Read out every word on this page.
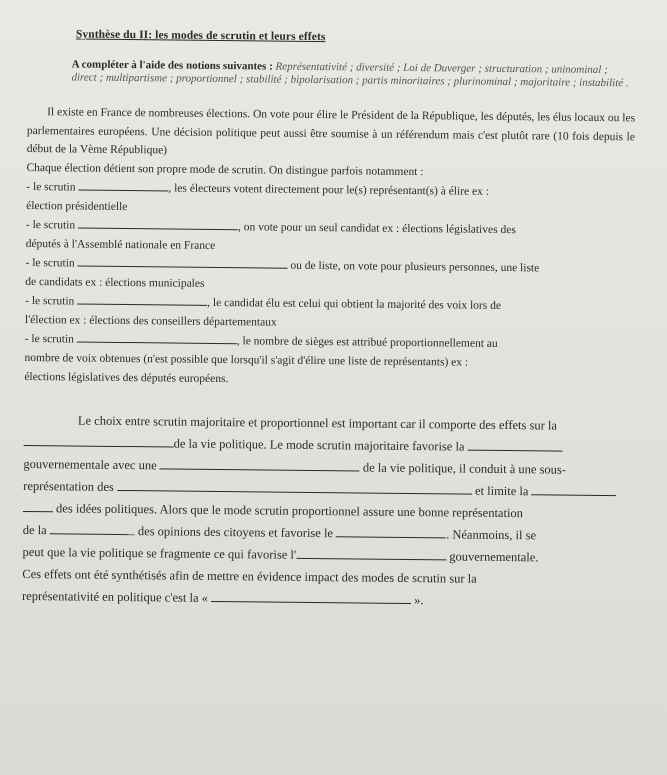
Synthèse du II: les modes de scrutin et leurs effets
A compléter à l'aide des notions suivantes : Représentativité ; diversité ; Loi de Duverger ; structuration ; uninominal ; direct ; multipartisme ; proportionnel ; stabilité ; bipolarisation ; partis minoritaires ; plurinominal ; majoritaire ; instabilité .
Il existe en France de nombreuses élections. On vote pour élire le Président de la République, les députés, les élus locaux ou les parlementaires européens. Une décision politique peut aussi être soumise à un référendum mais c'est plutôt rare (10 fois depuis le début de la Vème République)
Chaque élection détient son propre mode de scrutin. On distingue parfois notamment :
- le scrutin	, les électeurs votent directement pour le(s) représentant(s) à élire ex :
élection présidentielle
- le scrutin	, on vote pour un seul candidat ex : élections législatives des
députés à l'Assemblé nationale en France
- le scrutin	ou de liste, on vote pour plusieurs personnes, une liste
de candidats ex : élections municipales
- le scrutin	, le candidat élu est celui qui obtient la majorité des voix lors de
l'élection ex : élections des conseillers départementaux
- le scrutin	, le nombre de sièges est attribué proportionnellement au
nombre de voix obtenues (n'est possible que lorsqu'il s'agit d'élire une liste de représentants) ex :
élections législatives des députés européens.
Le choix entre scrutin majoritaire et proportionnel est important car il comporte des effets sur la
de la vie politique. Le mode scrutin majoritaire favorise la
gouvernementale avec une	de la vie politique, il conduit à une sous-
représentation des	et limite la
des idées politiques. Alors que le mode scrutin proportionnel assure une bonne représentation
de la	des opinions des citoyens et favorise le	. Néanmoins, il se
peut que la vie politique se fragmente ce qui favorise l'	gouvernementale.
Ces effets ont été synthétisés afin de mettre en évidence impact des modes de scrutin sur la
représentativité en politique c'est la «	».
